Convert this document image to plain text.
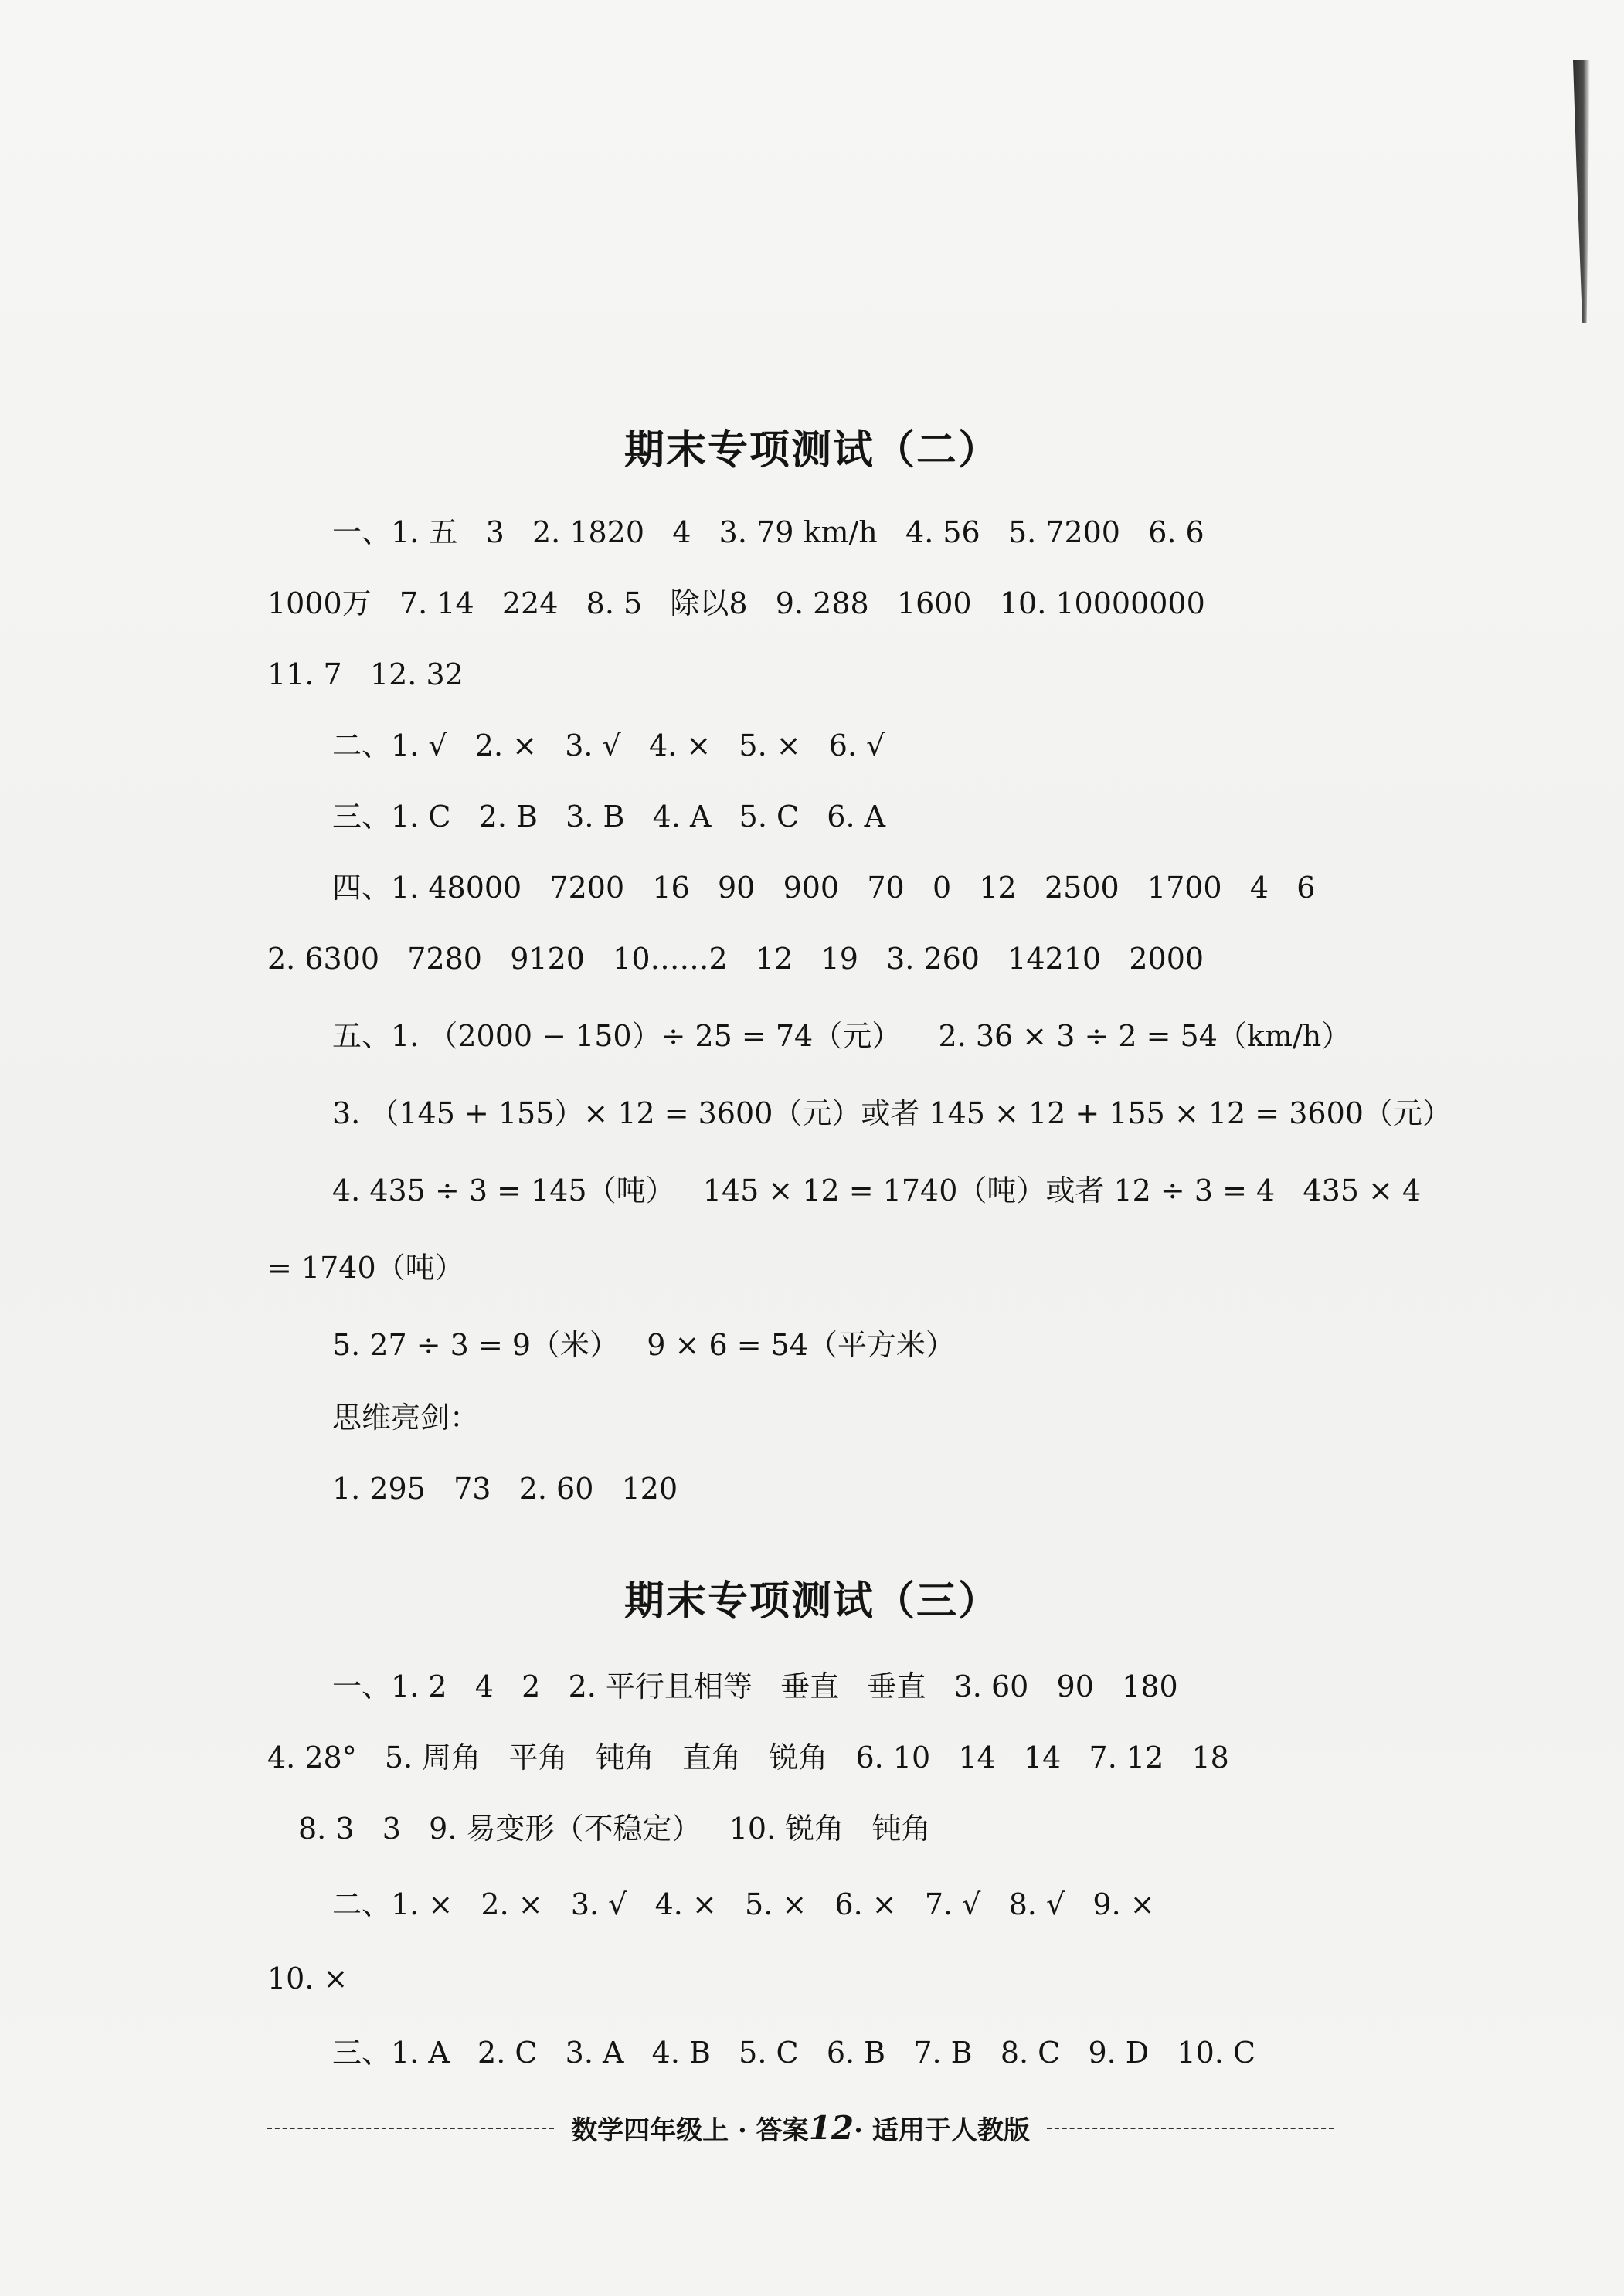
期末专项测试（二）
一、1. 五   3   2. 1820   4   3. 79 km/h   4. 56   5. 7200   6. 6
1000万   7. 14   224   8. 5   除以8   9. 288   1600   10. 10000000
11. 7   12. 32
二、1. √   2. ×   3. √   4. ×   5. ×   6. √
三、1. C   2. B   3. B   4. A   5. C   6. A
四、1. 48000   7200   16   90   900   70   0   12   2500   1700   4   6
2. 6300   7280   9120   10……2   12   19   3. 260   14210   2000
五、1. （2000 − 150）÷ 25 = 74（元）    2. 36 × 3 ÷ 2 = 54（km/h）
3. （145 + 155）× 12 = 3600（元）或者 145 × 12 + 155 × 12 = 3600（元）
4. 435 ÷ 3 = 145（吨）   145 × 12 = 1740（吨）或者 12 ÷ 3 = 4   435 × 4
= 1740（吨）
5. 27 ÷ 3 = 9（米）   9 × 6 = 54（平方米）
思维亮剑：
1. 295   73   2. 60   120
期末专项测试（三）
一、1. 2   4   2   2. 平行且相等   垂直   垂直   3. 60   90   180
4. 28°   5. 周角   平角   钝角   直角   锐角   6. 10   14   14   7. 12   18
8. 3   3   9. 易变形（不稳定）   10. 锐角   钝角
二、1. ×   2. ×   3. √   4. ×   5. ×   6. ×   7. √   8. √   9. ×
10. ×
三、1. A   2. C   3. A   4. B   5. C   6. B   7. B   8. C   9. D   10. C
数学四年级上 · 答案12· 适用于人教版
